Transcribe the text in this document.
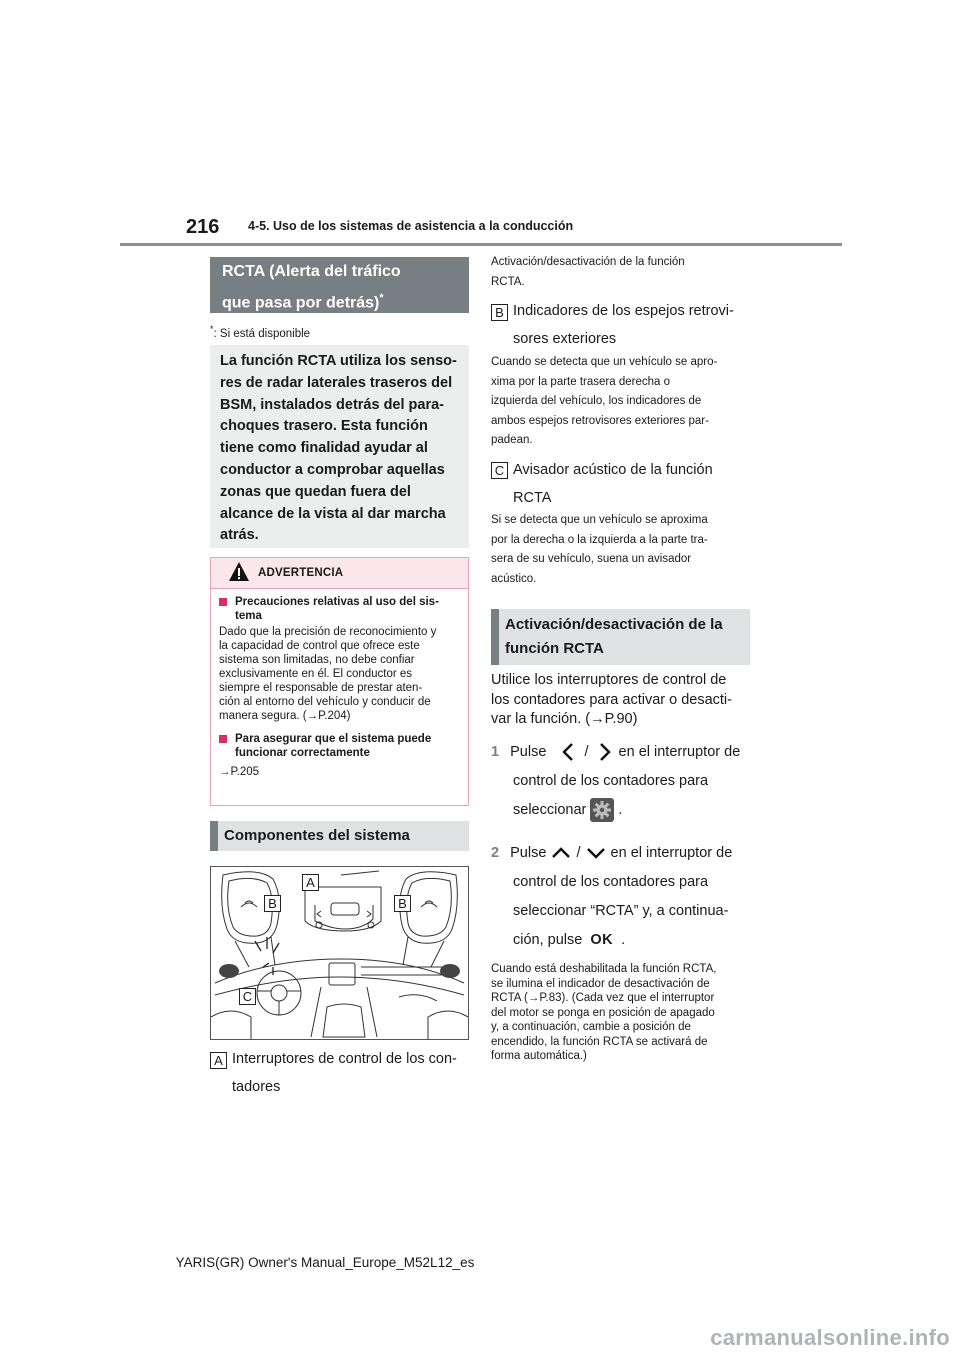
216 4-5. Uso de los sistemas de asistencia a la conducción
RCTA (Alerta del tráfico
que pasa por detrás)*
*: Si está disponible
La función RCTA utiliza los senso-
res de radar laterales traseros del
BSM, instalados detrás del para-
choques trasero. Esta función
tiene como finalidad ayudar al
conductor a comprobar aquellas
zonas que quedan fuera del
alcance de la vista al dar marcha
atrás.
ADVERTENCIA
Precauciones relativas al uso del sis-
tema
Dado que la precisión de reconocimiento y
la capacidad de control que ofrece este
sistema son limitadas, no debe confiar
exclusivamente en él. El conductor es
siempre el responsable de prestar aten-
ción al entorno del vehículo y conducir de
manera segura. (→P.204)
Para asegurar que el sistema puede
funcionar correctamente
→P.205
Componentes del sistema
A
B	B
C
A Interruptores de control de los con-
tadores
Activación/desactivación de la función
RCTA.
B Indicadores de los espejos retrovi-
sores exteriores
Cuando se detecta que un vehículo se apro-
xima por la parte trasera derecha o
izquierda del vehículo, los indicadores de
ambos espejos retrovisores exteriores par-
padean.
C Avisador acústico de la función
RCTA
Si se detecta que un vehículo se aproxima
por la derecha o la izquierda a la parte tra-
sera de su vehículo, suena un avisador
acústico.
Activación/desactivación de la
función RCTA
Utilice los interruptores de control de
los contadores para activar o desacti-
var la función. (→P.90)
1 Pulse	/ en el interruptor de
control de los contadores para
seleccionar .
2 Pulse / en el interruptor de
control de los contadores para
seleccionar “RCTA” y, a continua-
ción, pulse OK .
Cuando está deshabilitada la función RCTA,
se ilumina el indicador de desactivación de
RCTA (→P.83). (Cada vez que el interruptor
del motor se ponga en posición de apagado
y, a continuación, cambie a posición de
encendido, la función RCTA se activará de
forma automática.)
YARIS(GR) Owner's Manual_Europe_M52L12_es
carmanualsonline.info
